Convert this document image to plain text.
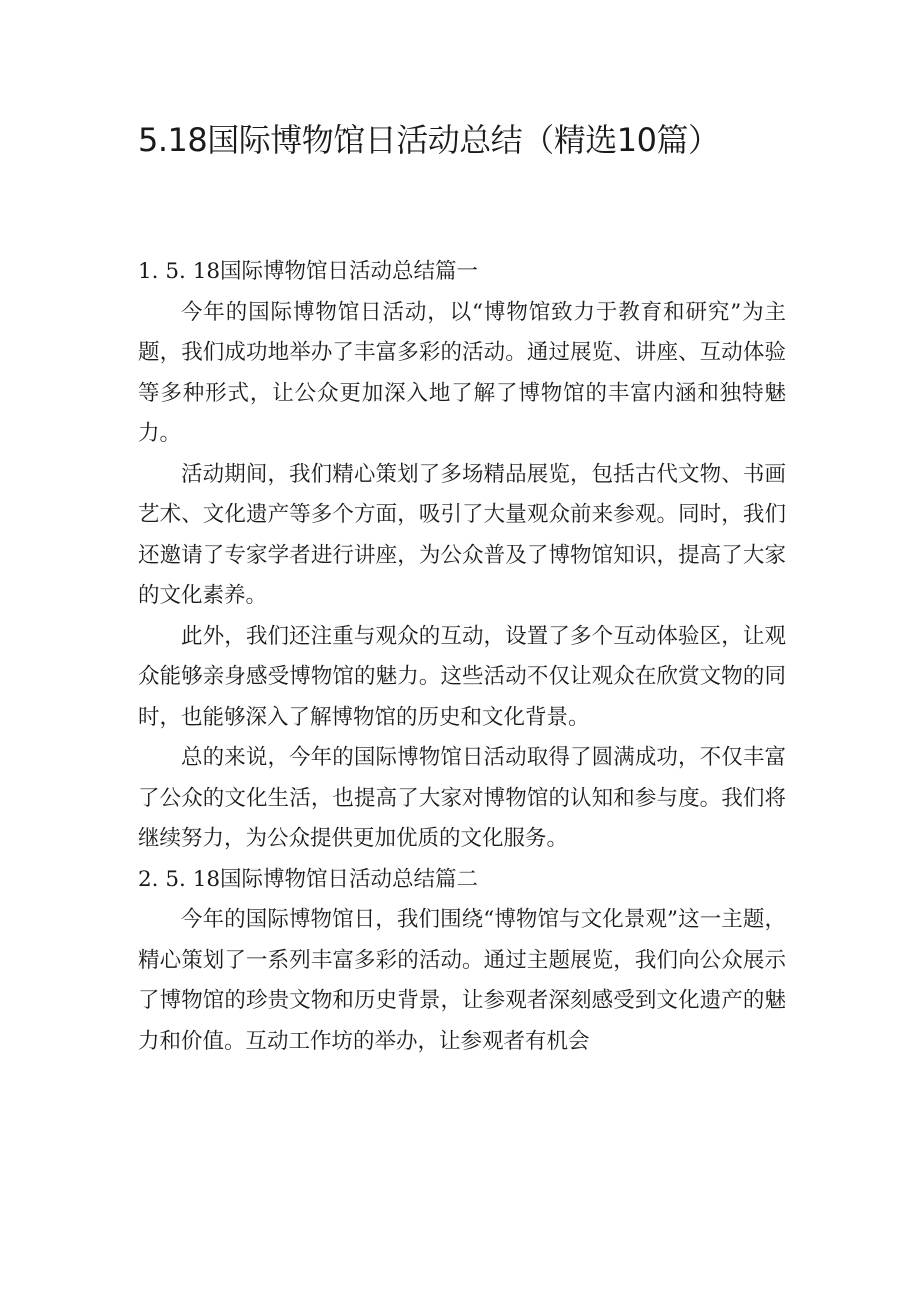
5.18国际博物馆日活动总结（精选10篇）
1. 5. 18国际博物馆日活动总结篇一

今年的国际博物馆日活动，以“博物馆致力于教育和研究”为主题，我们成功地举办了丰富多彩的活动。通过展览、讲座、互动体验等多种形式，让公众更加深入地了解了博物馆的丰富内涵和独特魅力。

活动期间，我们精心策划了多场精品展览，包括古代文物、书画艺术、文化遗产等多个方面，吸引了大量观众前来参观。同时，我们还邀请了专家学者进行讲座，为公众普及了博物馆知识，提高了大家的文化素养。

此外，我们还注重与观众的互动，设置了多个互动体验区，让观众能够亲身感受博物馆的魅力。这些活动不仅让观众在欣赏文物的同时，也能够深入了解博物馆的历史和文化背景。

总的来说，今年的国际博物馆日活动取得了圆满成功，不仅丰富了公众的文化生活，也提高了大家对博物馆的认知和参与度。我们将继续努力，为公众提供更加优质的文化服务。

2. 5. 18国际博物馆日活动总结篇二

今年的国际博物馆日，我们围绕“博物馆与文化景观”这一主题，精心策划了一系列丰富多彩的活动。通过主题展览，我们向公众展示了博物馆的珍贵文物和历史背景，让参观者深刻感受到文化遗产的魅力和价值。互动工作坊的举办，让参观者有机会
